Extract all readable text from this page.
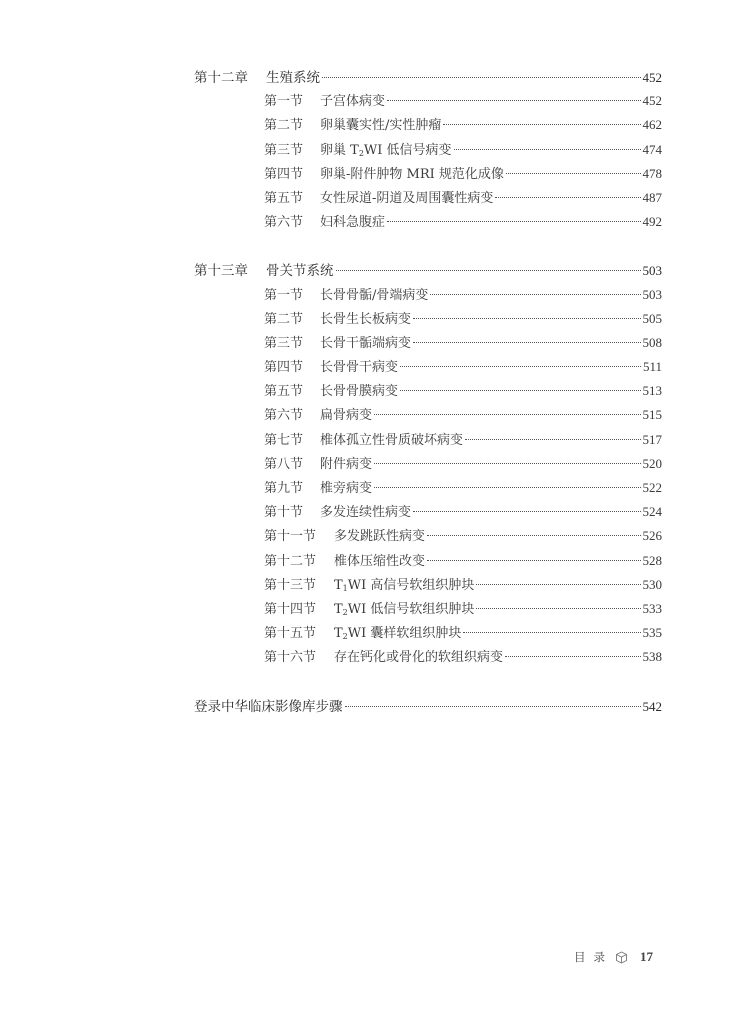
第十二章	生殖系统	452
第一节	子宫体病变	452
第二节	卵巢囊实性/实性肿瘤	462
第三节	卵巢 $T_2WI$ 低信号病变	474
第四节	卵巢-附件肿物 MRI 规范化成像	478
第五节	女性尿道-阴道及周围囊性病变	487
第六节	妇科急腹症	492
第十三章	骨关节系统	503
第一节	长骨骨骺/骨端病变	503
第二节	长骨生长板病变	505
第三节	长骨干骺端病变	508
第四节	长骨骨干病变	511
第五节	长骨骨膜病变	513
第六节	扁骨病变	515
第七节	椎体孤立性骨质破坏病变	517
第八节	附件病变	520
第九节	椎旁病变	522
第十节	多发连续性病变	524
第十一节	多发跳跃性病变	526
第十二节	椎体压缩性改变	528
第十三节	$T_1WI$ 高信号软组织肿块	530
第十四节	$T_2WI$ 低信号软组织肿块	533
第十五节	$T_2WI$ 囊样软组织肿块	535
第十六节	存在钙化或骨化的软组织病变	538
登录中华临床影像库步骤	542
目录 17
